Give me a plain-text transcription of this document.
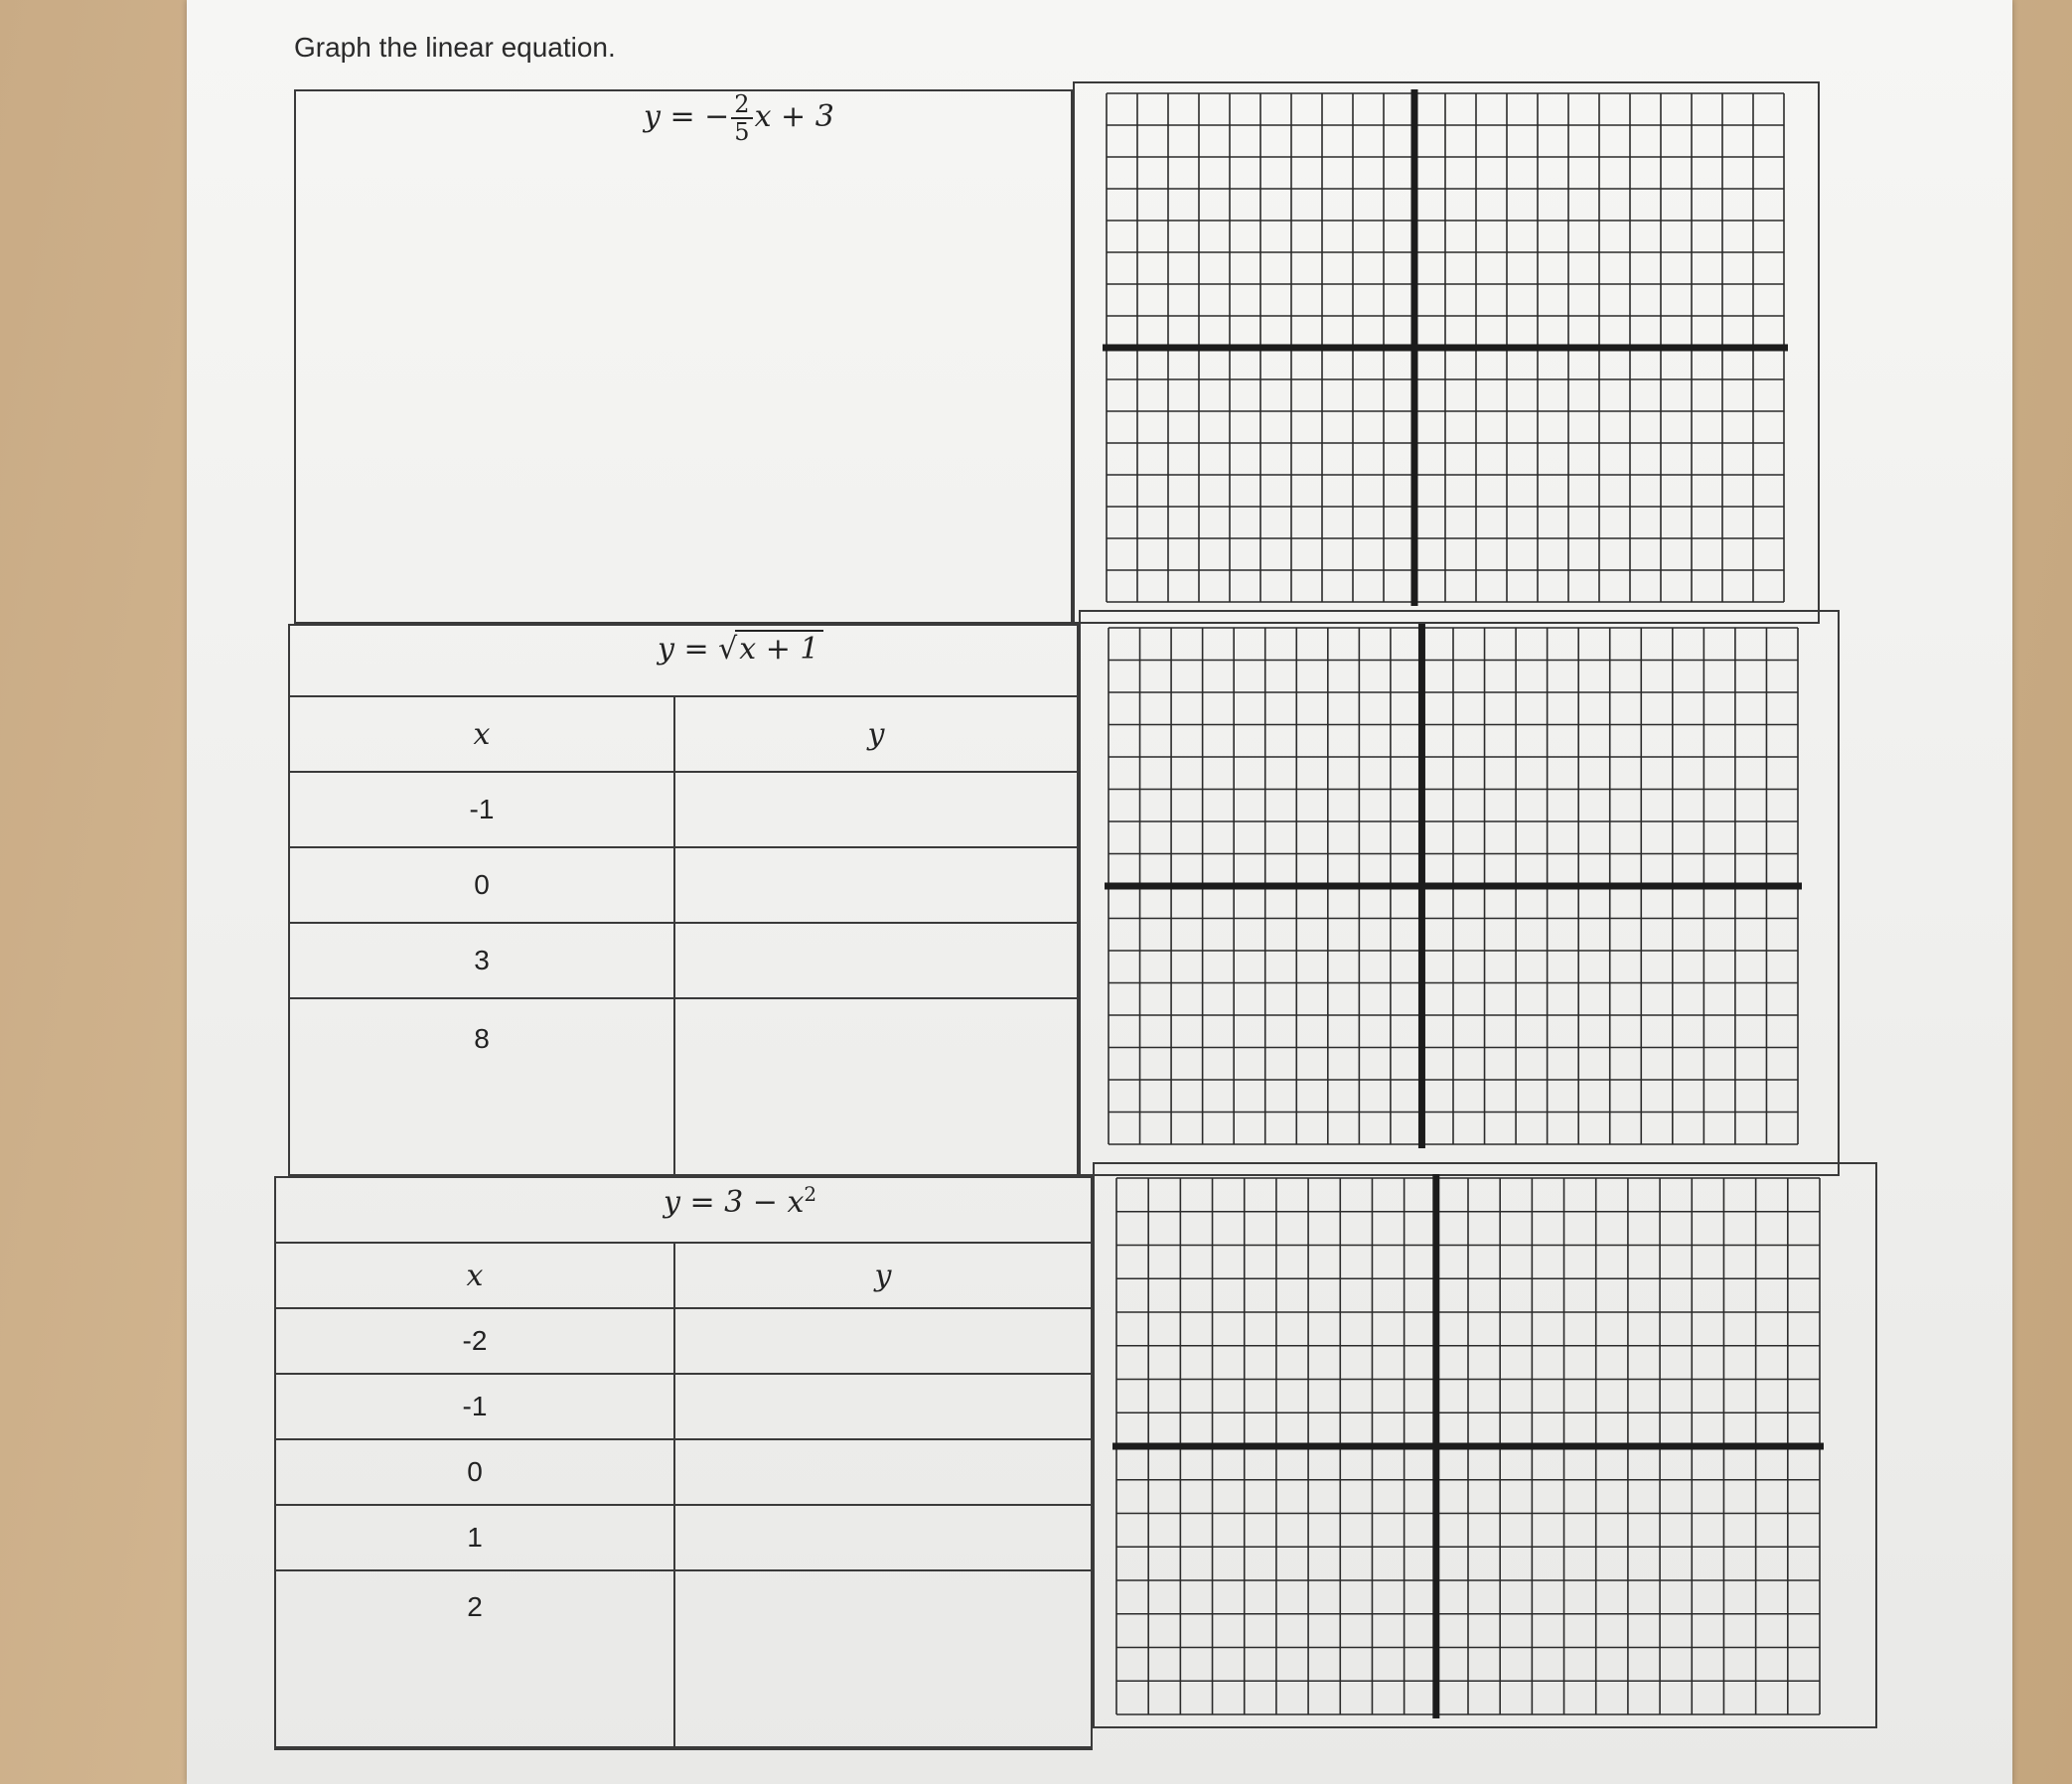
Graph the linear equation.
y = − $\frac{2}{5}$ x + 3
y = √x + 1
x	y
-1	
0	
3	
8	
$y = 3 - x^2$
x	y
-2	
-1	
0	
1	
2	
